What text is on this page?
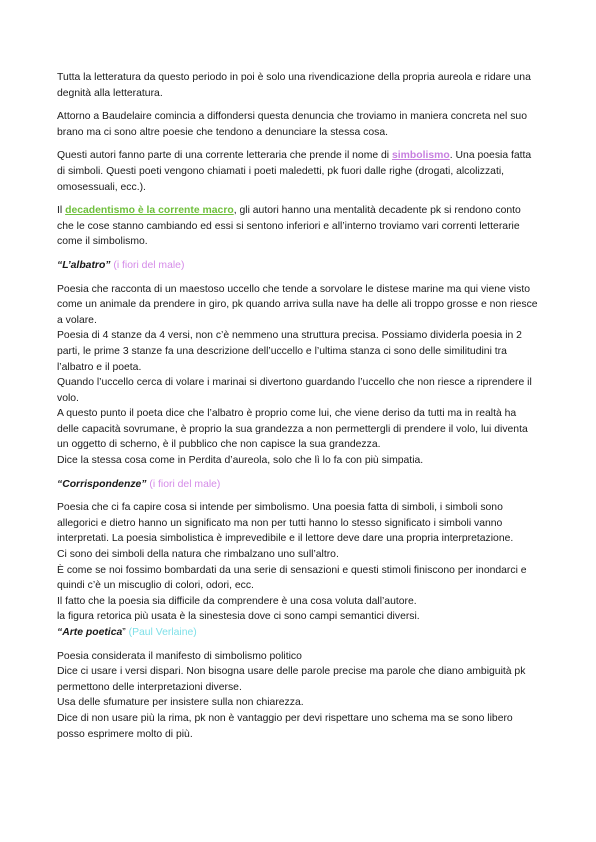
Tutta la letteratura da questo periodo in poi è solo una rivendicazione della propria aureola e ridare una degnità alla letteratura.

Attorno a Baudelaire comincia a diffondersi questa denuncia che troviamo in maniera concreta nel suo brano ma ci sono altre poesie che tendono a denunciare la stessa cosa.

Questi autori fanno parte di una corrente letteraria che prende il nome di simbolismo. Una poesia fatta di simboli. Questi poeti vengono chiamati i poeti maledetti, pk fuori dalle righe (drogati, alcolizzati, omosessuali, ecc.).

Il decadentismo è la corrente macro, gli autori hanno una mentalità decadente pk si rendono conto che le cose stanno cambiando ed essi si sentono inferiori e all’interno troviamo vari correnti letterarie come il simbolismo.

“L’albatro” (i fiori del male)

Poesia che racconta di un maestoso uccello che tende a sorvolare le distese marine ma qui viene visto come un animale da prendere in giro, pk quando arriva sulla nave ha delle ali troppo grosse e non riesce a volare.

Poesia di 4 stanze da 4 versi, non c’è nemmeno una struttura precisa. Possiamo dividerla poesia in 2 parti, le prime 3 stanze fa una descrizione dell’uccello e l’ultima stanza ci sono delle similitudini tra l’albatro e il poeta.

Quando l’uccello cerca di volare i marinai si divertono guardando l’uccello che non riesce a riprendere il volo.

A questo punto il poeta dice che l’albatro è proprio come lui, che viene deriso da tutti ma in realtà ha delle capacità sovrumane, è proprio la sua grandezza a non permettergli di prendere il volo, lui diventa un oggetto di scherno, è il pubblico che non capisce la sua grandezza.

Dice la stessa cosa come in Perdita d’aureola, solo che lì lo fa con più simpatia.

“Corrispondenze” (i fiori del male)

Poesia che ci fa capire cosa si intende per simbolismo. Una poesia fatta di simboli, i simboli sono allegorici e dietro hanno un significato ma non per tutti hanno lo stesso significato i simboli vanno interpretati. La poesia simbolistica è imprevedibile e il lettore deve dare una propria interpretazione.

Ci sono dei simboli della natura che rimbalzano uno sull’altro.

È come se noi fossimo bombardati da una serie di sensazioni e questi stimoli finiscono per inondarci e quindi c’è un miscuglio di colori, odori, ecc.

Il fatto che la poesia sia difficile da comprendere è una cosa voluta dall’autore.

la figura retorica più usata è la sinestesia dove ci sono campi semantici diversi.

“Arte poetica” (Paul Verlaine)

Poesia considerata il manifesto di simbolismo politico

Dice ci usare i versi dispari. Non bisogna usare delle parole precise ma parole che diano ambiguità pk permettono delle interpretazioni diverse.

Usa delle sfumature per insistere sulla non chiarezza.

Dice di non usare più la rima, pk non è vantaggio per devi rispettare uno schema ma se sono libero posso esprimere molto di più.
